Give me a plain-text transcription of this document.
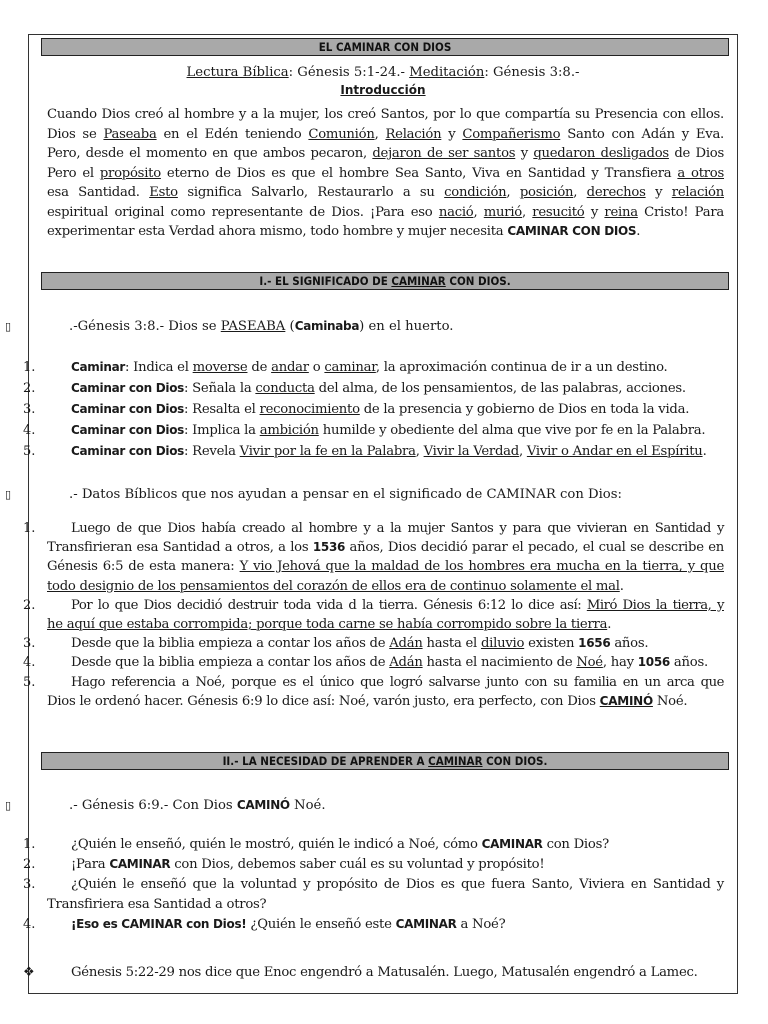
EL CAMINAR CON DIOS
Lectura Bíblica: Génesis 5:1-24.- Meditación: Génesis 3:8.-
Introducción
Cuando Dios creó al hombre y a la mujer, los creó Santos, por lo que compartía su Presencia con ellos.
Dios se Paseaba en el Edén teniendo Comunión, Relación y Compañerismo Santo con Adán y Eva.
Pero, desde el momento en que ambos pecaron, dejaron de ser santos y quedaron desligados de Dios
Pero el propósito eterno de Dios es que el hombre Sea Santo, Viva en Santidad y Transfiera a otros
esa Santidad. Esto significa Salvarlo, Restaurarlo a su condición, posición, derechos y relación
espiritual original como representante de Dios. ¡Para eso nació, murió, resucitó y reina Cristo! Para
experimentar esta Verdad ahora mismo, todo hombre y mujer necesita CAMINAR CON DIOS.
I.- EL SIGNIFICADO DE CAMINAR CON DIOS.
▯	.-Génesis 3:8.- Dios se PASEABA (Caminaba) en el huerto.
1.	Caminar: Indica el moverse de andar o caminar, la aproximación continua de ir a un destino.
2.	Caminar con Dios: Señala la conducta del alma, de los pensamientos, de las palabras, acciones.
3.	Caminar con Dios: Resalta el reconocimiento de la presencia y gobierno de Dios en toda la vida.
4.	Caminar con Dios: Implica la ambición humilde y obediente del alma que vive por fe en la Palabra.
5.	Caminar con Dios: Revela Vivir por la fe en la Palabra, Vivir la Verdad, Vivir o Andar en el Espíritu.
▯	.- Datos Bíblicos que nos ayudan a pensar en el significado de CAMINAR con Dios:
1.	Luego de que Dios había creado al hombre y a la mujer Santos y para que vivieran en Santidad y
Transfirieran esa Santidad a otros, a los 1536 años, Dios decidió parar el pecado, el cual se describe en
Génesis 6:5 de esta manera: Y vio Jehová que la maldad de los hombres era mucha en la tierra, y que
todo designio de los pensamientos del corazón de ellos era de continuo solamente el mal.
2.	Por lo que Dios decidió destruir toda vida d la tierra. Génesis 6:12 lo dice así: Miró Dios la tierra, y
he aquí que estaba corrompida; porque toda carne se había corrompido sobre la tierra.
3.	Desde que la biblia empieza a contar los años de Adán hasta el diluvio existen 1656 años.
4.	Desde que la biblia empieza a contar los años de Adán hasta el nacimiento de Noé, hay 1056 años.
5.	Hago referencia a Noé, porque es el único que logró salvarse junto con su familia en un arca que
Dios le ordenó hacer. Génesis 6:9 lo dice así: Noé, varón justo, era perfecto, con Dios CAMINÓ Noé.
II.- LA NECESIDAD DE APRENDER A CAMINAR CON DIOS.
▯	.- Génesis 6:9.- Con Dios CAMINÓ Noé.
1.	¿Quién le enseñó, quién le mostró, quién le indicó a Noé, cómo CAMINAR con Dios?
2.	¡Para CAMINAR con Dios, debemos saber cuál es su voluntad y propósito!
3.	¿Quién le enseñó que la voluntad y propósito de Dios es que fuera Santo, Viviera en Santidad y
Transfiriera esa Santidad a otros?
4.	¡Eso es CAMINAR con Dios! ¿Quién le enseñó este CAMINAR a Noé?
❖	Génesis 5:22-29 nos dice que Enoc engendró a Matusalén. Luego, Matusalén engendró a Lamec.
